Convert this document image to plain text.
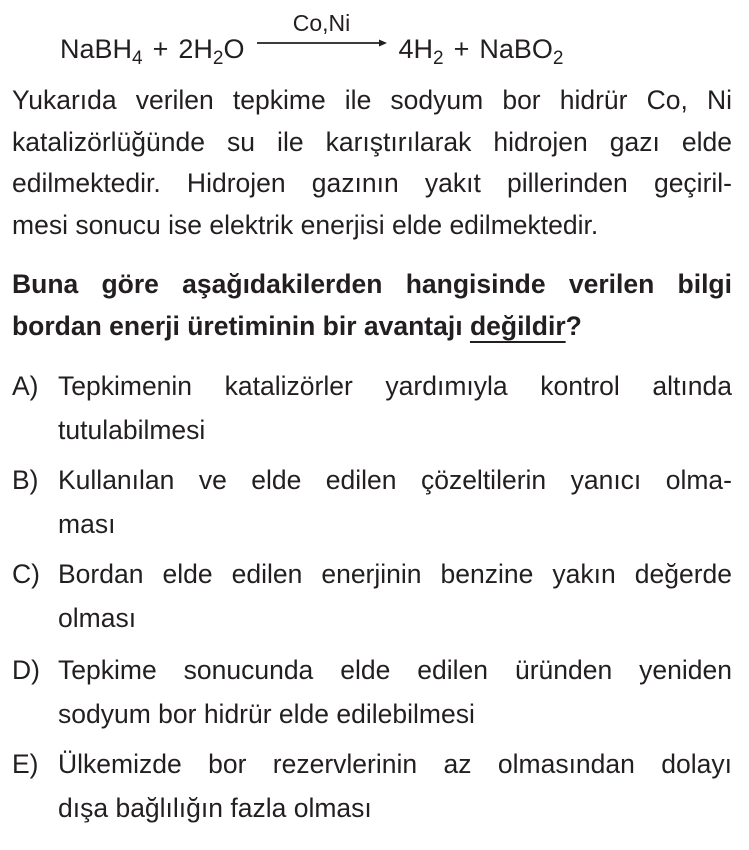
NaBH$_4$ + $2H_2O$
Co,Ni
$4H_2$ + NaBO$_2$
Yukarıda verilen tepkime ile sodyum bor hidrür Co, Ni
katalizörlüğünde su ile karıştırılarak hidrojen gazı elde
edilmektedir. Hidrojen gazının yakıt pillerinden geçiril-
mesi sonucu ise elektrik enerjisi elde edilmektedir.
Buna göre aşağıdakilerden hangisinde verilen bilgi
bordan enerji üretiminin bir avantajı değildir?
A) Tepkimenin katalizörler yardımıyla kontrol altında
tutulabilmesi
B) Kullanılan ve elde edilen çözeltilerin yanıcı olma-
ması
C) Bordan elde edilen enerjinin benzine yakın değerde
olması
D) Tepkime sonucunda elde edilen üründen yeniden
sodyum bor hidrür elde edilebilmesi
E) Ülkemizde bor rezervlerinin az olmasından dolayı
dışa bağlılığın fazla olması
